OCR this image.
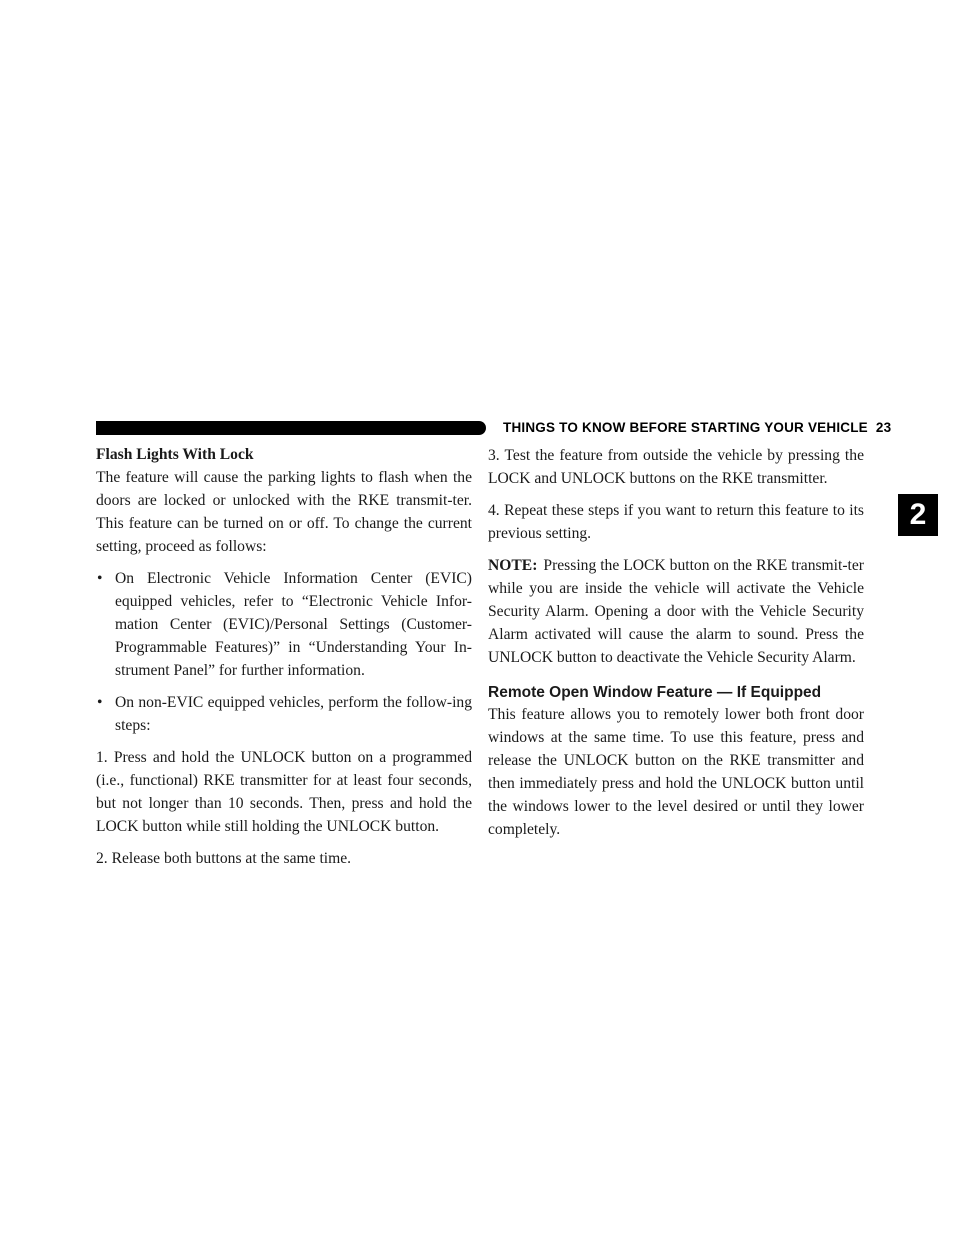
THINGS TO KNOW BEFORE STARTING YOUR VEHICLE 23
2
Flash Lights With Lock

The feature will cause the parking lights to flash when the doors are locked or unlocked with the RKE transmit-ter. This feature can be turned on or off. To change the current setting, proceed as follows:

• On Electronic Vehicle Information Center (EVIC) equipped vehicles, refer to “Electronic Vehicle Infor-mation Center (EVIC)/Personal Settings (Customer-Programmable Features)” in “Understanding Your In-strument Panel” for further information.
• On non-EVIC equipped vehicles, perform the follow-ing steps:

1. Press and hold the UNLOCK button on a programmed (i.e., functional) RKE transmitter for at least four seconds, but not longer than 10 seconds. Then, press and hold the LOCK button while still holding the UNLOCK button.

2. Release both buttons at the same time.

3. Test the feature from outside the vehicle by pressing the LOCK and UNLOCK buttons on the RKE transmitter.

4. Repeat these steps if you want to return this feature to its previous setting.

NOTE: Pressing the LOCK button on the RKE transmit-ter while you are inside the vehicle will activate the Vehicle Security Alarm. Opening a door with the Vehicle Security Alarm activated will cause the alarm to sound. Press the UNLOCK button to deactivate the Vehicle Security Alarm.

Remote Open Window Feature — If Equipped

This feature allows you to remotely lower both front door windows at the same time. To use this feature, press and release the UNLOCK button on the RKE transmitter and then immediately press and hold the UNLOCK button until the windows lower to the level desired or until they lower completely.
